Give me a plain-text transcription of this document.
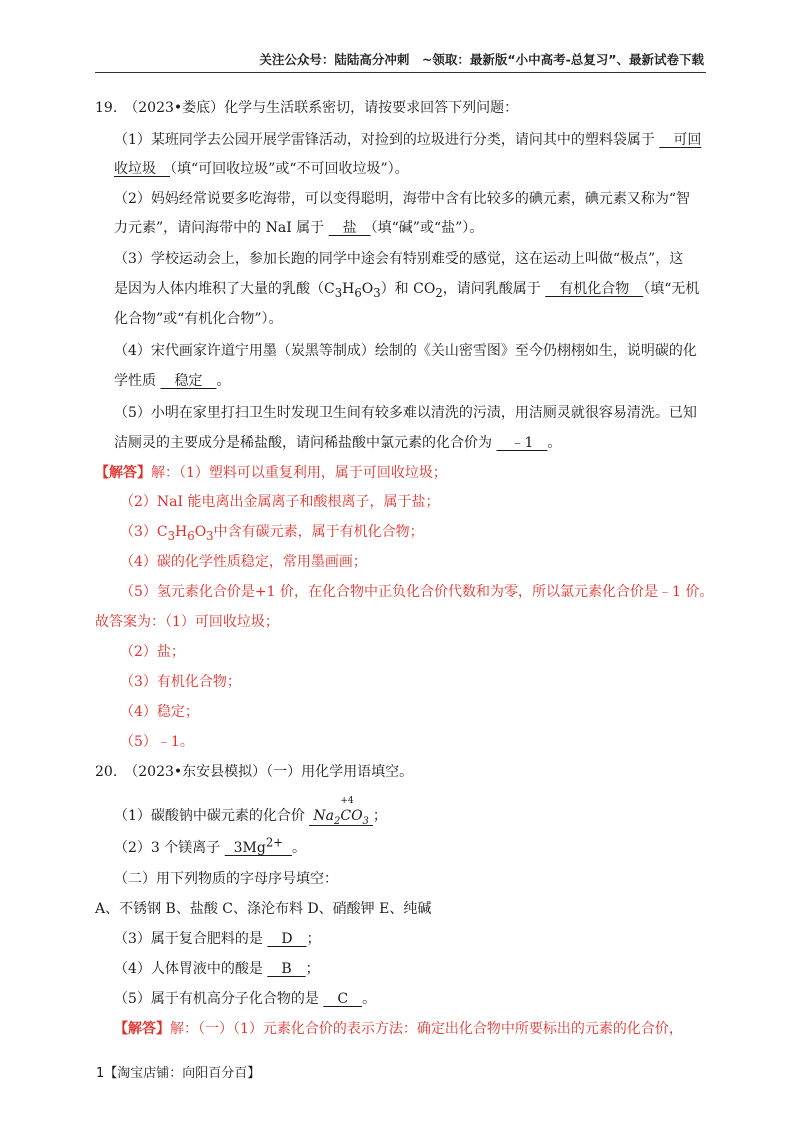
关注公众号：陆陆高分冲刺　~领取：最新版“小中高考-总复习”、最新试卷下载
19.　（2023•娄底）化学与生活联系密切，请按要求回答下列问题：
（1）某班同学去公园开展学雷锋活动，对捡到的垃圾进行分类，请问其中的塑料袋属于 　可回
收垃圾　（填“可回收垃圾”或“不可回收垃圾”）。
（2）妈妈经常说要多吃海带，可以变得聪明，海带中含有比较多的碘元素，碘元素又称为“智
力元素”，请问海带中的 NaI 属于 　盐　（填“碱”或“盐”）。
（3）学校运动会上，参加长跑的同学中途会有特别难受的感觉，这在运动上叫做“极点”，这
是因为人体内堆积了大量的乳酸$(C_3H_6O_3)$和 $CO_2$，请问乳酸属于 　有机化合物　（填“无机
化合物”或“有机化合物”）。
（4）宋代画家许道宁用墨（炭黑等制成）绘制的《关山密雪图》至今仍栩栩如生，说明碳的化
学性质 　稳定　。
（5）小明在家里打扫卫生时发现卫生间有较多难以清洗的污渍，用洁厕灵就很容易清洗。已知
洁厕灵的主要成分是稀盐酸，请问稀盐酸中氯元素的化合价为 　﹣1　。
【解答】解：（1）塑料可以重复利用，属于可回收垃圾；
（2）NaI 能电离出金属离子和酸根离子，属于盐；
$(3)C_3H_6O_3$中含有碳元素，属于有机化合物；
（4）碳的化学性质稳定，常用墨画画；
（5）氢元素化合价是+1 价，在化合物中正负化合价代数和为零，所以氯元素化合价是﹣1 价。
故答案为：（1）可回收垃圾；
（2）盐；
（3）有机化合物；
（4）稳定；
（5）﹣1。
20.　（2023•东安县模拟）（一）用化学用语填空。
（1）碳酸钠中碳元素的化合价 $Na_2$
+4
$CO_3$ ；
（2）3 个镁离子   $3Mg^{2+}$ 。
（二）用下列物质的字母序号填空：
A、不锈钢 B、盐酸 C、涤沦布料 D、硝酸钾 E、纯碱
（3）属于复合肥料的是 　D　；
（4）人体胃液中的酸是 　B　；
（5）属于有机高分子化合物的是 　C　。
【解答】解：（一）（1）元素化合价的表示方法：确定出化合物中所要标出的元素的化合价，
1【淘宝店铺：向阳百分百】
